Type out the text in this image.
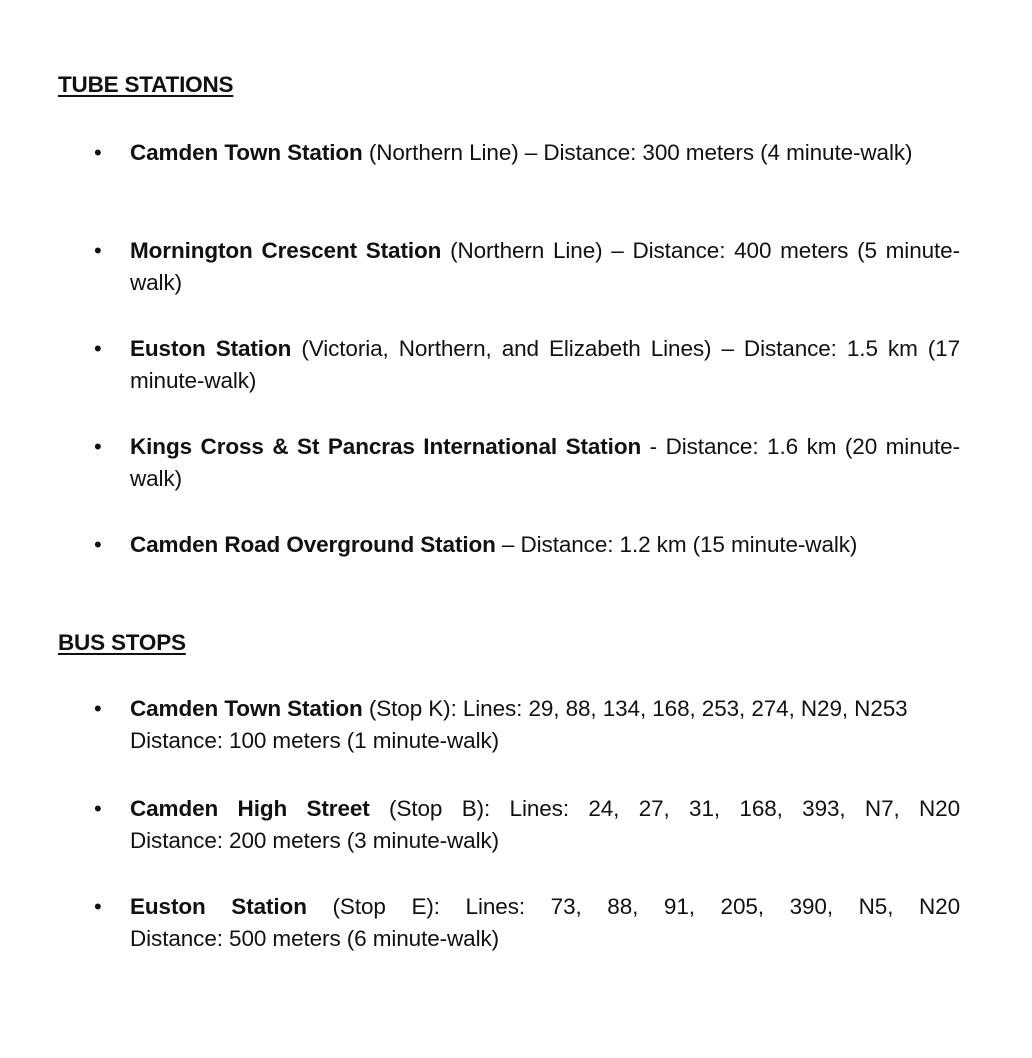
TUBE STATIONS
• Camden Town Station (Northern Line) – Distance: 300 meters (4 minute-walk)
• Mornington Crescent Station (Northern Line) – Distance: 400 meters (5 minute-walk)
• Euston Station (Victoria, Northern, and Elizabeth Lines) – Distance: 1.5 km (17 minute-walk)
• Kings Cross & St Pancras International Station - Distance: 1.6 km (20 minute-walk)
• Camden Road Overground Station – Distance: 1.2 km (15 minute-walk)
BUS STOPS
• Camden Town Station (Stop K): Lines: 29, 88, 134, 168, 253, 274, N29, N253
Distance: 100 meters (1 minute-walk)
• Camden High Street (Stop B): Lines: 24, 27, 31, 168, 393, N7, N20
Distance: 200 meters (3 minute-walk)
• Euston Station (Stop E): Lines: 73, 88, 91, 205, 390, N5, N20
Distance: 500 meters (6 minute-walk)
